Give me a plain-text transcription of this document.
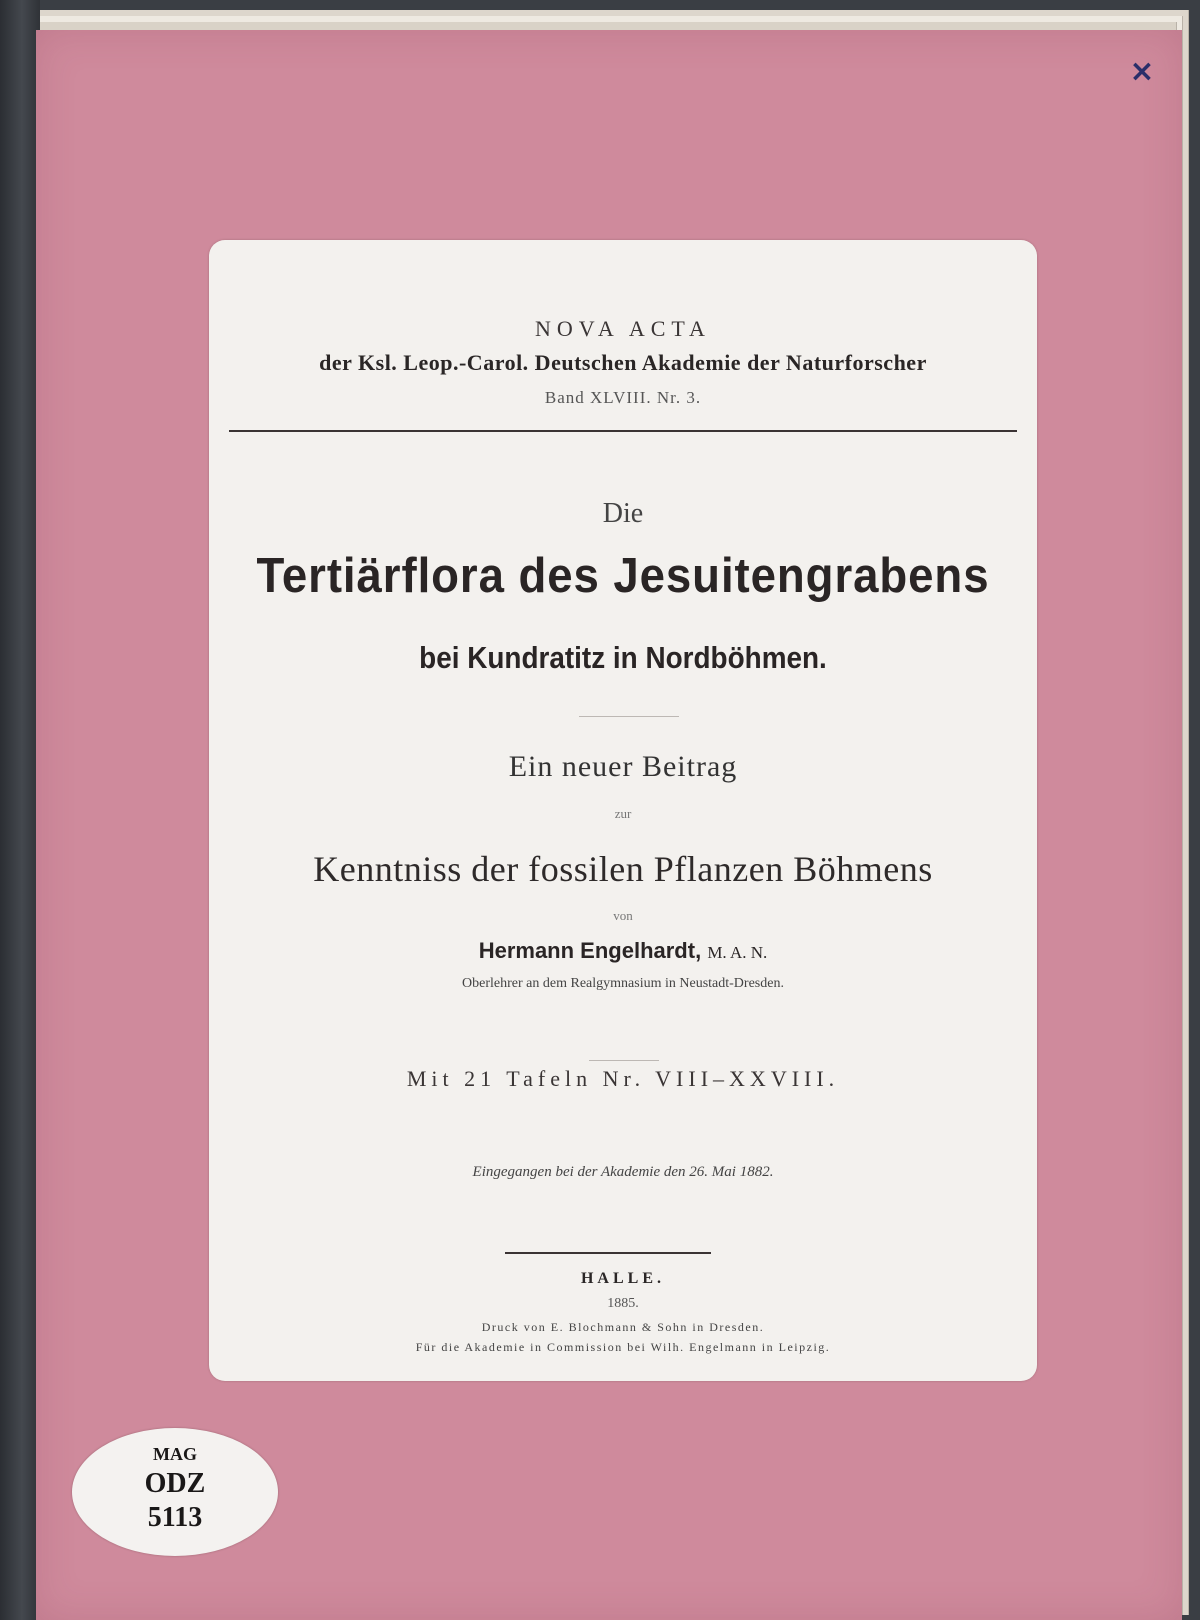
×
NOVA ACTA
der Ksl. Leop.-Carol. Deutschen Akademie der Naturforscher
Band XLVIII. Nr. 3.
Die
Tertiärflora des Jesuitengrabens
bei Kundratitz in Nordböhmen.
Ein neuer Beitrag
zur
Kenntniss der fossilen Pflanzen Böhmens
von
Hermann Engelhardt, M. A. N.
Oberlehrer an dem Realgymnasium in Neustadt-Dresden.
Mit 21 Tafeln Nr. VIII–XXVIII.
Eingegangen bei der Akademie den 26. Mai 1882.
HALLE.
1885.
Druck von E. Blochmann & Sohn in Dresden.
Für die Akademie in Commission bei Wilh. Engelmann in Leipzig.
MAG
ODZ
5113
